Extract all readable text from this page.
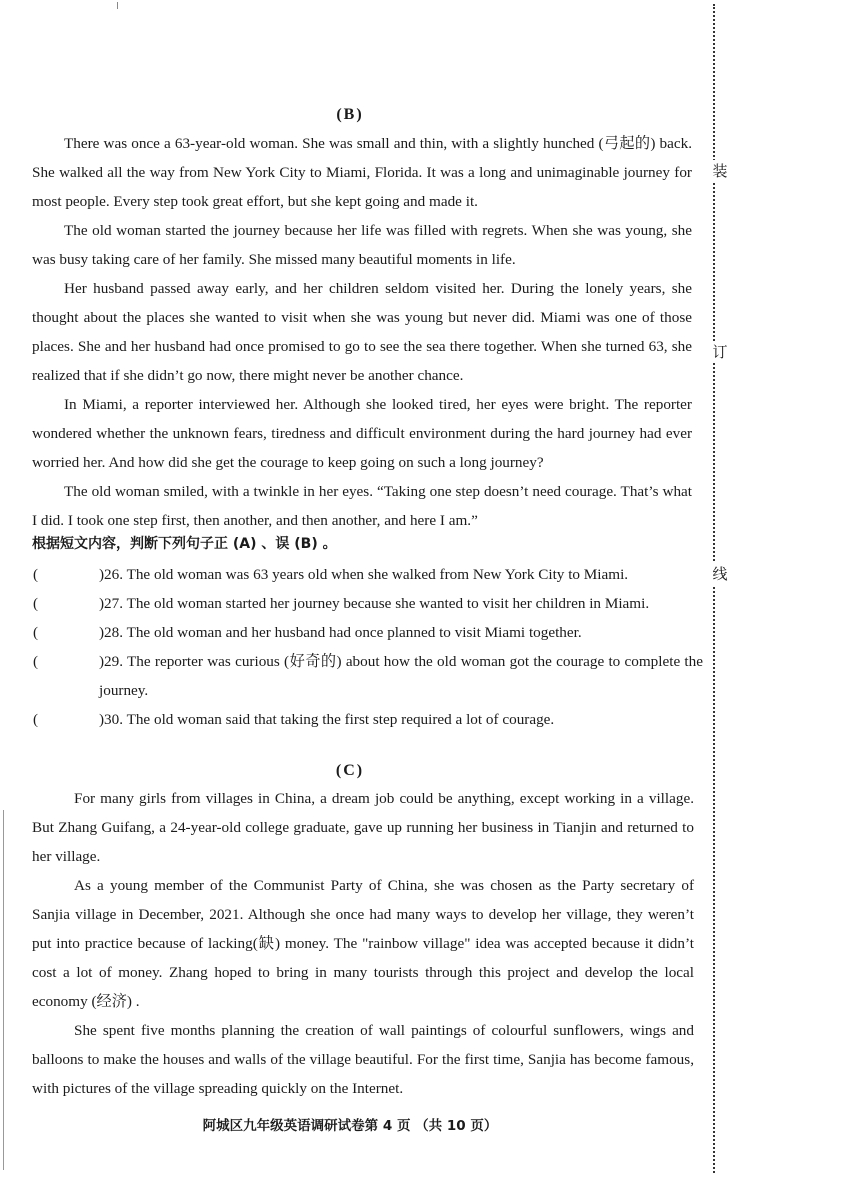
装
订
线
(B)

There was once a 63-year-old woman. She was small and thin, with a slightly hunched (弓起的) back. She walked all the way from New York City to Miami, Florida. It was a long and unimaginable journey for most people. Every step took great effort, but she kept going and made it.

The old woman started the journey because her life was filled with regrets. When she was young, she was busy taking care of her family. She missed many beautiful moments in life.

Her husband passed away early, and her children seldom visited her. During the lonely years, she thought about the places she wanted to visit when she was young but never did. Miami was one of those places. She and her husband had once promised to go to see the sea there together. When she turned 63, she realized that if she didn’t go now, there might never be another chance.

In Miami, a reporter interviewed her. Although she looked tired, her eyes were bright. The reporter wondered whether the unknown fears, tiredness and difficult environment during the hard journey had ever worried her. And how did she get the courage to keep going on such a long journey?

The old woman smiled, with a twinkle in her eyes. “Taking one step doesn’t need courage. That’s what I did. I took one step first, then another, and then another, and here I am.”

根据短文内容，判断下列句子正 (A) 、误 (B) 。
(	)26. The old woman was 63 years old when she walked from New York City to Miami.
(	)27. The old woman started her journey because she wanted to visit her children in Miami.
(	)28. The old woman and her husband had once planned to visit Miami together.
(	)29. The reporter was curious (好奇的) about how the old woman got the courage to complete the journey.
(	)30. The old woman said that taking the first step required a lot of courage.
(C)

For many girls from villages in China, a dream job could be anything, except working in a village. But Zhang Guifang, a 24-year-old college graduate, gave up running her business in Tianjin and returned to her village.

As a young member of the Communist Party of China, she was chosen as the Party secretary of Sanjia village in December, 2021. Although she once had many ways to develop her village, they weren’t put into practice because of lacking(缺) money. The "rainbow village" idea was accepted because it didn’t cost a lot of money. Zhang hoped to bring in many tourists through this project and develop the local economy (经济) .

She spent five months planning the creation of wall paintings of colourful sunflowers, wings and balloons to make the houses and walls of the village beautiful. For the first time, Sanjia has become famous, with pictures of the village spreading quickly on the Internet.

阿城区九年级英语调研试卷第 4 页 （共 10 页）
